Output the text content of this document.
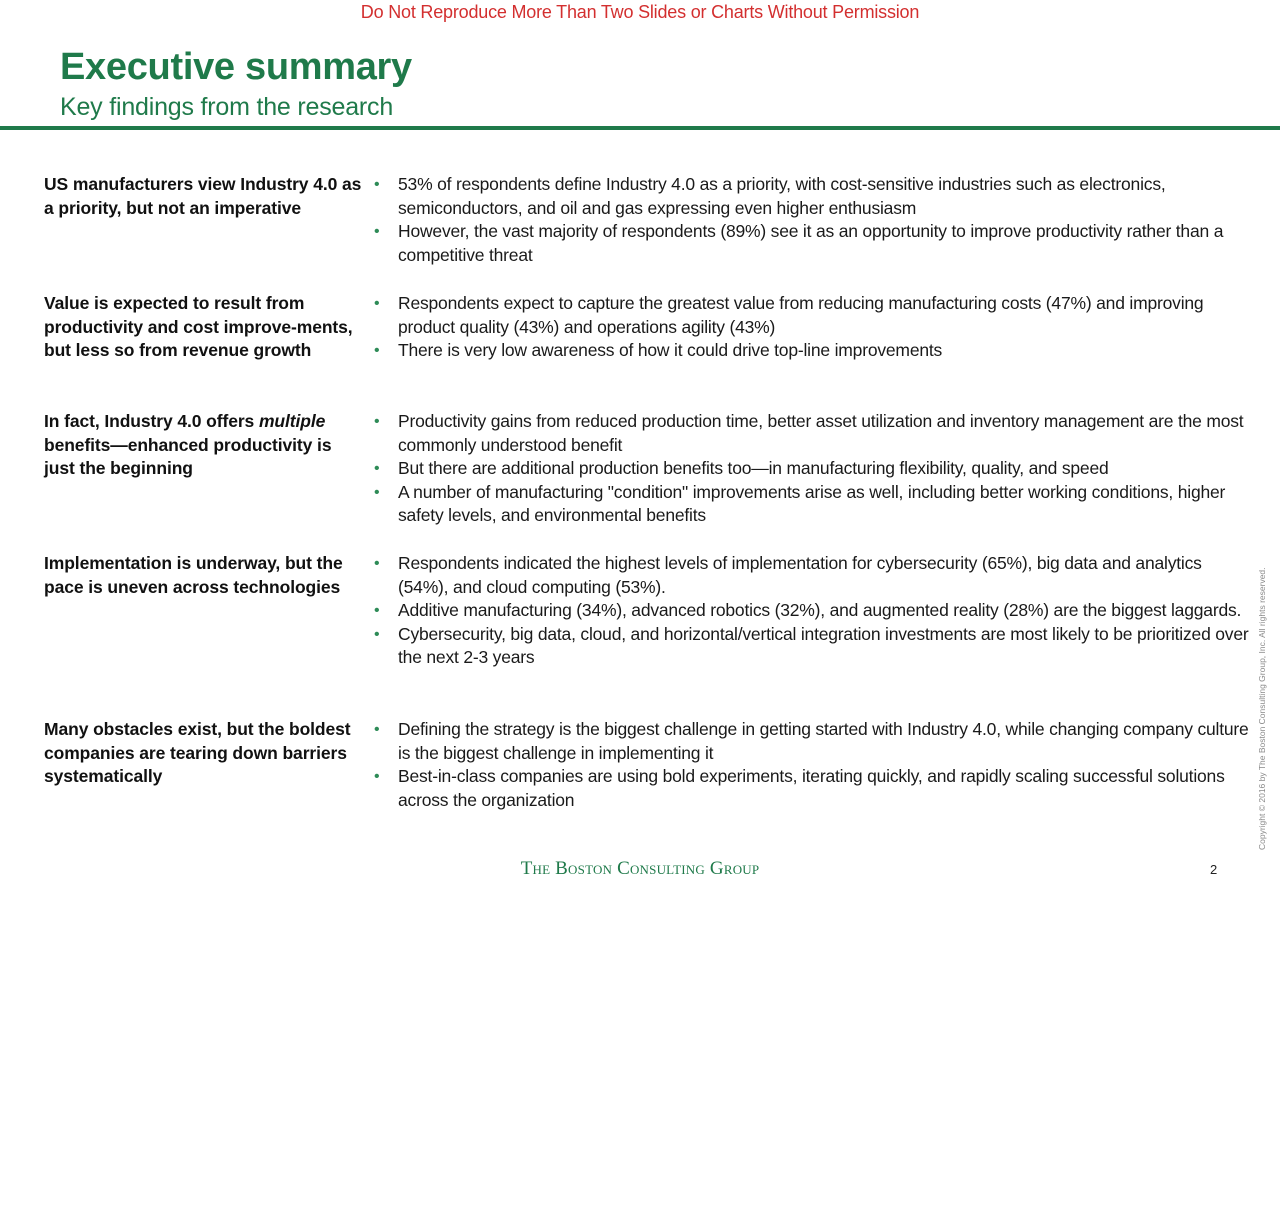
Do Not Reproduce More Than Two Slides or Charts Without Permission
Executive summary
Key findings from the research
US manufacturers view Industry 4.0 as a priority, but not an imperative
• 53% of respondents define Industry 4.0 as a priority, with cost-sensitive industries such as electronics, semiconductors, and oil and gas expressing even higher enthusiasm
• However, the vast majority of respondents (89%) see it as an opportunity to improve productivity rather than a competitive threat
Value is expected to result from productivity and cost improve-ments, but less so from revenue growth
• Respondents expect to capture the greatest value from reducing manufacturing costs (47%) and improving product quality (43%) and operations agility (43%)
• There is very low awareness of how it could drive top-line improvements
In fact, Industry 4.0 offers multiple benefits—enhanced productivity is just the beginning
• Productivity gains from reduced production time, better asset utilization and inventory management are the most commonly understood benefit
• But there are additional production benefits too—in manufacturing flexibility, quality, and speed
• A number of manufacturing "condition" improvements arise as well, including better working conditions, higher safety levels, and environmental benefits
Implementation is underway, but the pace is uneven across technologies
• Respondents indicated the highest levels of implementation for cybersecurity (65%), big data and analytics (54%), and cloud computing (53%).
• Additive manufacturing (34%), advanced robotics (32%), and augmented reality (28%) are the biggest laggards.
• Cybersecurity, big data, cloud, and horizontal/vertical integration investments are most likely to be prioritized over the next 2-3 years
Many obstacles exist, but the boldest companies are tearing down barriers systematically
• Defining the strategy is the biggest challenge in getting started with Industry 4.0, while changing company culture is the biggest challenge in implementing it
• Best-in-class companies are using bold experiments, iterating quickly, and rapidly scaling successful solutions across the organization
The Boston Consulting Group	2
Copyright © 2016 by The Boston Consulting Group, Inc. All rights reserved.
